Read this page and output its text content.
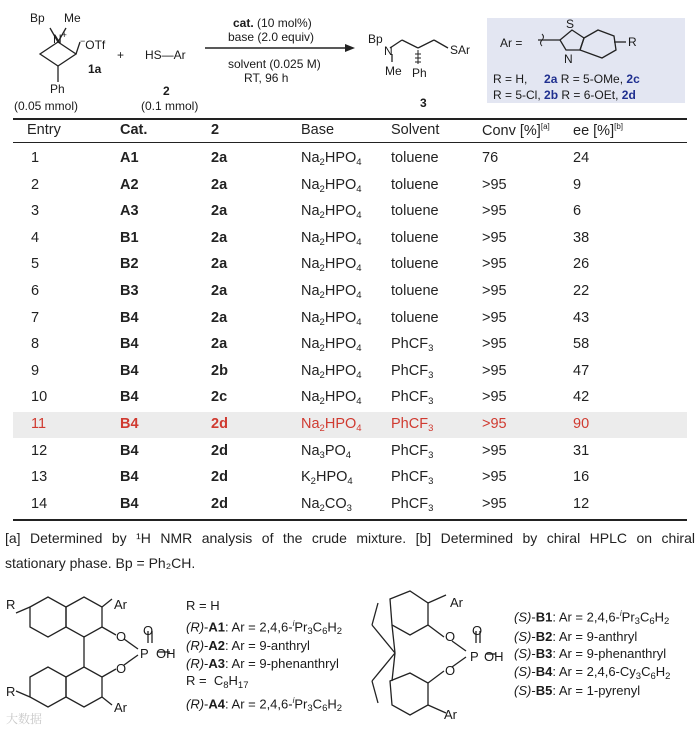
Bp
N+
Me
−OTf
1a
Ph
(0.05 mmol)
+ HS—Ar
2
(0.1 mmol)
cat. (10 mol%)
base (2.0 equiv)
solvent (0.025 M)
RT, 96 h
Bp
N
Me Ph
SAr
3
Ar =
S
N
R
R = H, 2a R = 5-OMe, 2c
R = 5-Cl, 2b R = 6-OEt, 2d
Entry	Cat.	2	Base	Solvent	Conv [%][a] ee [%][b]
1	A1	2a	$Na_2HPO_4$ toluene	76	24
2	A2	2a	$Na_2HPO_4$ toluene	>95	9
3	A3	2a	$Na_2HPO_4$ toluene	>95	6
4	B1	2a	$Na_2HPO_4$ toluene	>95	38
5	B2	2a	$Na_2HPO_4$ toluene	>95	26
6	B3	2a	$Na_2HPO_4$ toluene	>95	22
7	B4	2a	$Na_2HPO_4$ toluene	>95	43
8	B4	2a	$Na_2HPO_4$ PhCF$_3$	>95	58
9	B4	2b	$Na_2HPO_4$ PhCF$_3$	>95	47
10	B4	2c	$Na_2HPO_4$ PhCF$_3$	>95	42
11	B4	2d	$Na_2HPO_4$ PhCF$_3$	>95	90
12	B4	2d	$Na_3PO_4$	PhCF$_3$	>95	31
13	B4	2d	$K_2HPO_4$	PhCF$_3$	>95	16
14	B4	2d	$Na_2CO_3$	PhCF$_3$	>95	12
[a] Determined by ¹H NMR analysis of the crude mixture. [b] Determined by chiral HPLC on chiral
stationary phase. Bp = Ph₂CH.
R	Ar
O
P
O
OH
O
R
Ar
R = H
(R)-A1: $Ar = 2,4,6-^iPr_3C_6H_2$
(R)-A2: Ar = 9-anthryl
(R)-A3: Ar = 9-phenanthryl
$R = C_8H_{17}$
(R)-A4: $Ar = 2,4,6-^iPr_3C_6H_2$
Ar
O
P
O
OH
O
Ar
(S)-B1: $Ar = 2,4,6-^iPr_3C_6H_2$
(S)-B2: Ar = 9-anthryl
(S)-B3: Ar = 9-phenanthryl
(S)-B4: $Ar = 2,4,6-Cy_3C_6H_2$
(S)-B5: Ar = 1-pyrenyl
大数据
